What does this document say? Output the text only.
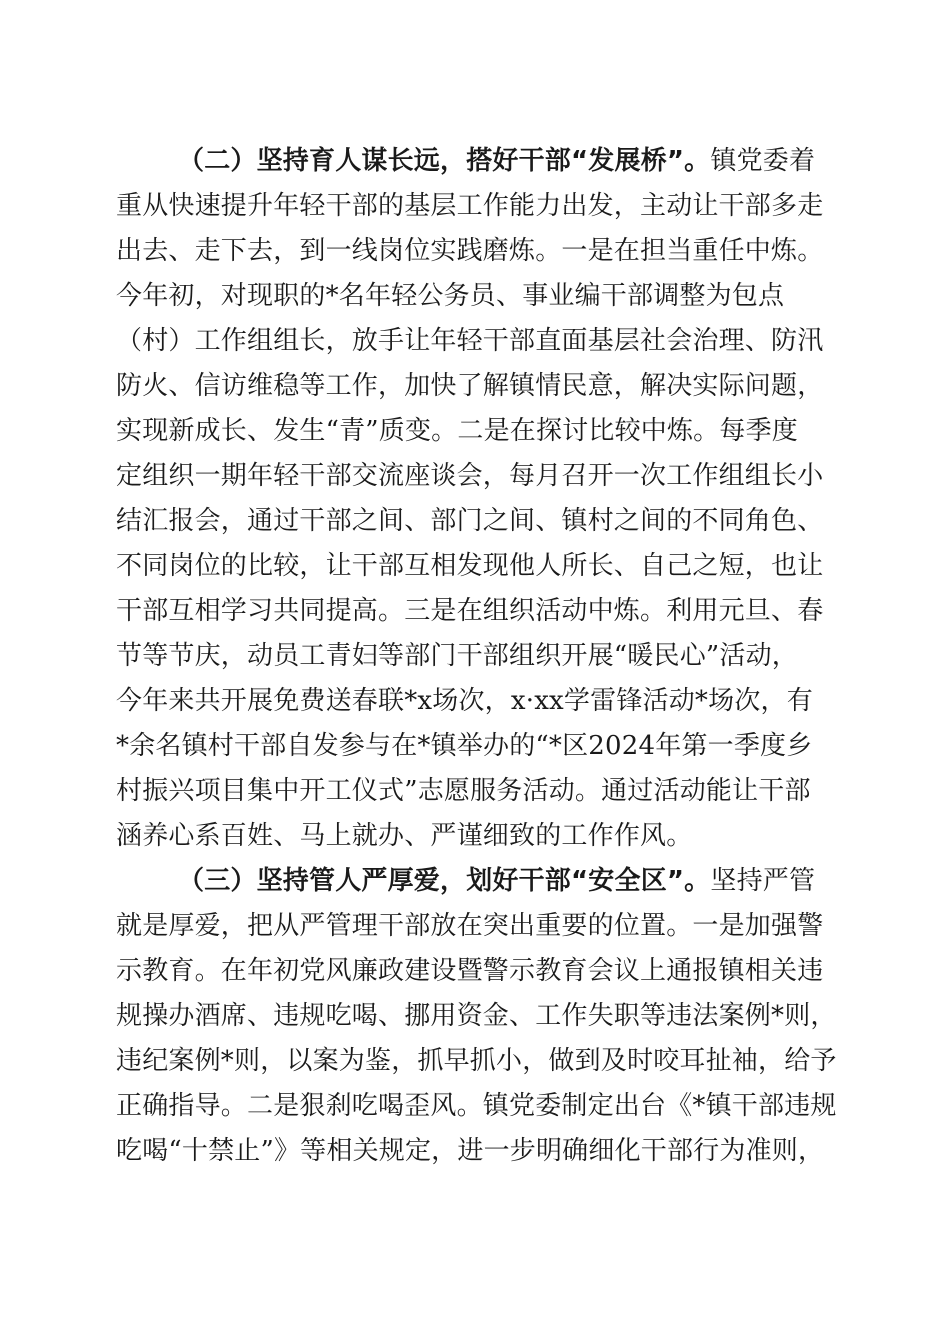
（二）坚持育人谋长远，搭好干部“发展桥”。镇党委着
重从快速提升年轻干部的基层工作能力出发，主动让干部多走
出去、走下去，到一线岗位实践磨炼。一是在担当重任中炼。
今年初，对现职的*名年轻公务员、事业编干部调整为包点
（村）工作组组长，放手让年轻干部直面基层社会治理、防汛
防火、信访维稳等工作，加快了解镇情民意，解决实际问题，
实现新成长、发生“青”质变。二是在探讨比较中炼。每季度
定组织一期年轻干部交流座谈会，每月召开一次工作组组长小
结汇报会，通过干部之间、部门之间、镇村之间的不同角色、
不同岗位的比较，让干部互相发现他人所长、自己之短，也让
干部互相学习共同提高。三是在组织活动中炼。利用元旦、春
节等节庆，动员工青妇等部门干部组织开展“暖民心”活动，
今年来共开展免费送春联*x场次，x·xx学雷锋活动*场次，有
*余名镇村干部自发参与在*镇举办的“*区2024年第一季度乡
村振兴项目集中开工仪式”志愿服务活动。通过活动能让干部
涵养心系百姓、马上就办、严谨细致的工作作风。
（三）坚持管人严厚爱，划好干部“安全区”。坚持严管
就是厚爱，把从严管理干部放在突出重要的位置。一是加强警
示教育。在年初党风廉政建设暨警示教育会议上通报镇相关违
规操办酒席、违规吃喝、挪用资金、工作失职等违法案例*则，
违纪案例*则，以案为鉴，抓早抓小，做到及时咬耳扯袖，给予
正确指导。二是狠刹吃喝歪风。镇党委制定出台《*镇干部违规
吃喝“十禁止”》等相关规定，进一步明确细化干部行为准则，
